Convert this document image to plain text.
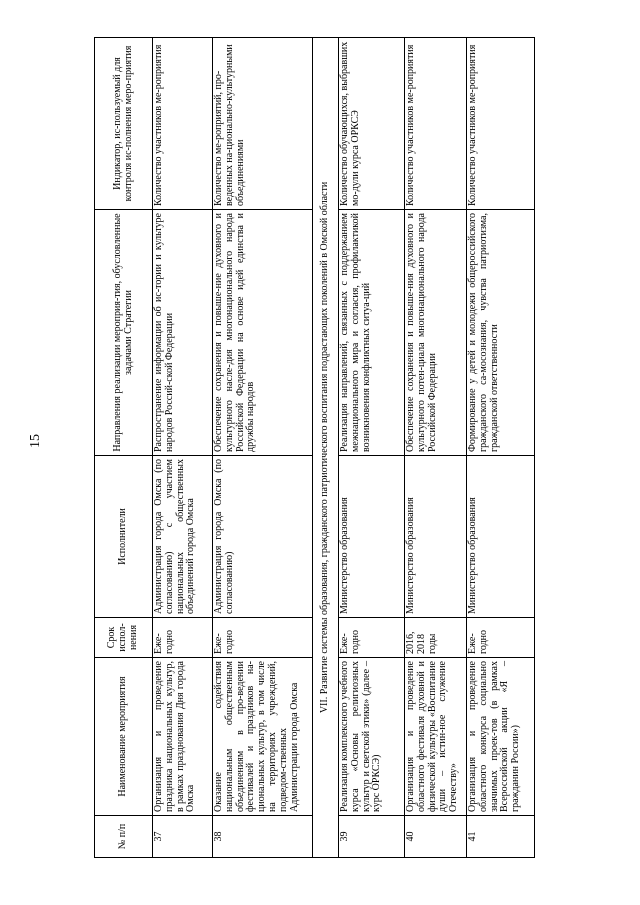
15
№ п/п	Наименование мероприятия	Срок испол-нения	Исполнители	Направления реализации мероприя-тия, обусловленные задачами Стратегии	Индикатор, ис-пользуемый для контроля ис-полнения меро-приятия
37	Организация и проведение праздника национальных культур, в рамках празднования Дня города Омска	Еже-годно	Администрация города Омска (по согласованию) с участием национальных общественных объединений города Омска	Распространение информации об ис-тории и культуре народов Россий-ской Федерации	Количество участников ме-роприятия
38	Оказание содействия национальным общественным объединениям в про-ведении фестивалей и праздников на-циональных культур, в том числе на территориях учреждений, подведом-ственных Администрации города Омска	Еже-годно	Администрация города Омска (по согласованию)	Обеспечение сохранения и повыше-ние духовного и культурного насле-дия многонационального народа Российской Федерации на основе идей единства и дружбы народов	Количество ме-роприятий, про-веденных на-ционально-культурными объединениями
VII. Развитие системы образования, гражданского патриотического воспитания подрастающих поколений в Омской области					
39	Реализация комплексного учебного курса «Основы религиозных культур и светской этики» (далее – курс ОРКСЭ)	Еже-годно	Министерство образования	Реализация направлений, связанных с поддержанием межнационального мира и согласия, профилактикой возникновения конфликтных ситуа-ций	Количество обучающихся, выбравших мо-дули курса ОРКСЭ
40	Организация и проведение областного фестиваля духовной и физической культуры «Воспитание души – истин-ное служение Отечеству»	2016, 2018 годы	Министерство образования	Обеспечение сохранения и повыше-ния духовного и культурного потен-циала многонационального народа Российской Федерации	Количество участников ме-роприятия
41	Организация и проведение областного конкурса социально значимых проек-тов (в рамках Всероссийской акции «Я – гражданин России»)	Еже-годно	Министерство образования	Формирование у детей и молодежи общероссийского гражданского са-мосознания, чувства патриотизма, гражданской ответственности	Количество участников ме-роприятия
